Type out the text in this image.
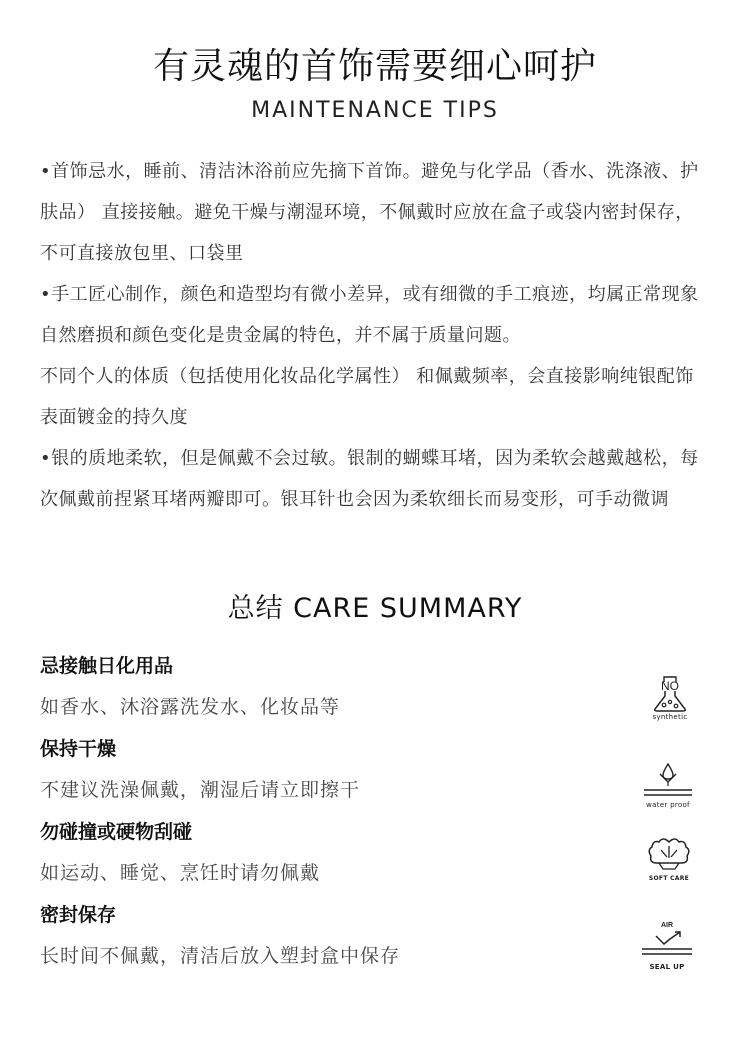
有灵魂的首饰需要细心呵护
MAINTENANCE TIPS

•首饰忌水，睡前、清洁沐浴前应先摘下首饰。避免与化学品（香水、洗涤液、护肤品） 直接接触。避免干燥与潮湿环境，不佩戴时应放在盒子或袋内密封保存，不可直接放包里、口袋里

•手工匠心制作，颜色和造型均有微小差异，或有细微的手工痕迹，均属正常现象 自然磨损和颜色变化是贵金属的特色，并不属于质量问题。

不同个人的体质（包括使用化妆品化学属性） 和佩戴频率，会直接影响纯银配饰表面镀金的持久度

•银的质地柔软，但是佩戴不会过敏。银制的蝴蝶耳堵，因为柔软会越戴越松，每次佩戴前捏紧耳堵两瓣即可。银耳针也会因为柔软细长而易变形，可手动微调

总结 CARE SUMMARY
忌接触日化用品
如香水、沐浴露洗发水、化妆品等
保持干燥
不建议洗澡佩戴，潮湿后请立即擦干
勿碰撞或硬物刮碰
如运动、睡觉、烹饪时请勿佩戴
密封保存
长时间不佩戴，清洁后放入塑封盒中保存
NO
synthetic
water proof
SOFT CARE
AIR
SEAL UP
